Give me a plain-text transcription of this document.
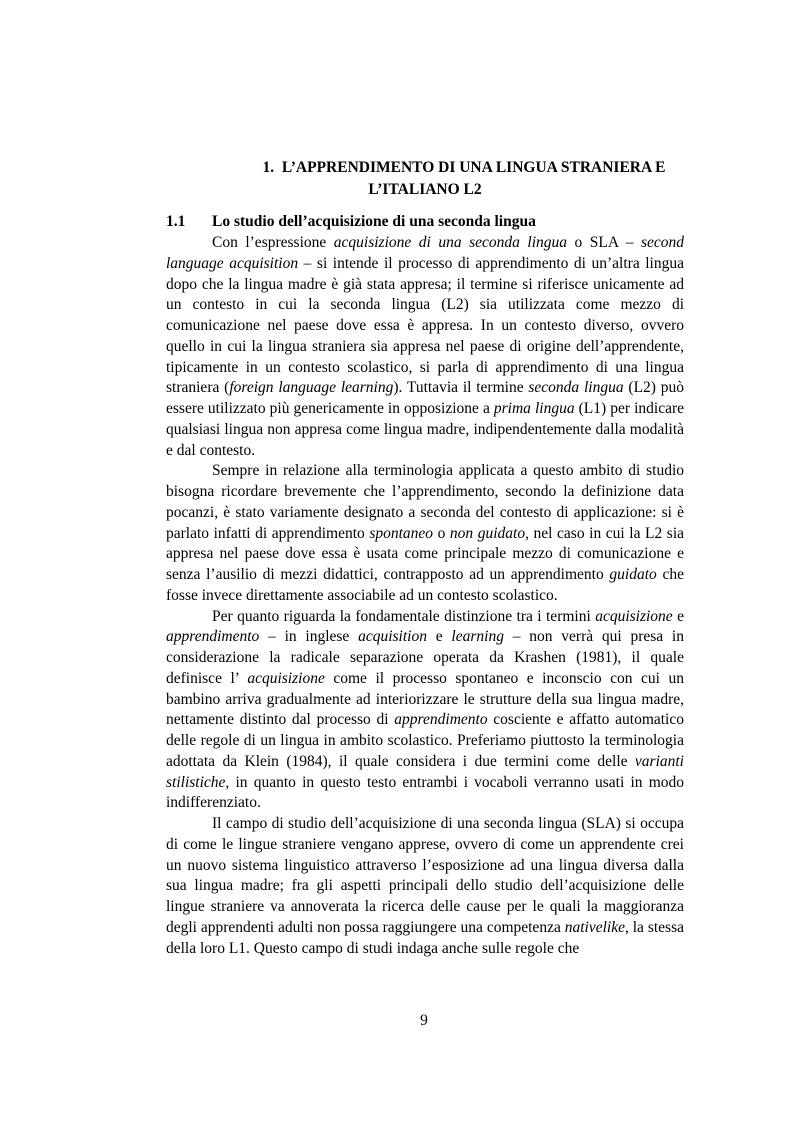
1. L’APPRENDIMENTO DI UNA LINGUA STRANIERA E
L’ITALIANO L2
1.1 Lo studio dell’acquisizione di una seconda lingua

Con l’espressione acquisizione di una seconda lingua o SLA – second language acquisition – si intende il processo di apprendimento di un’altra lingua dopo che la lingua madre è già stata appresa; il termine si riferisce unicamente ad un contesto in cui la seconda lingua (L2) sia utilizzata come mezzo di comunicazione nel paese dove essa è appresa. In un contesto diverso, ovvero quello in cui la lingua straniera sia appresa nel paese di origine dell’apprendente, tipicamente in un contesto scolastico, si parla di apprendimento di una lingua straniera (foreign language learning). Tuttavia il termine seconda lingua (L2) può essere utilizzato più genericamente in opposizione a prima lingua (L1) per indicare qualsiasi lingua non appresa come lingua madre, indipendentemente dalla modalità e dal contesto.

Sempre in relazione alla terminologia applicata a questo ambito di studio bisogna ricordare brevemente che l’apprendimento, secondo la definizione data pocanzi, è stato variamente designato a seconda del contesto di applicazione: si è parlato infatti di apprendimento spontaneo o non guidato, nel caso in cui la L2 sia appresa nel paese dove essa è usata come principale mezzo di comunicazione e senza l’ausilio di mezzi didattici, contrapposto ad un apprendimento guidato che fosse invece direttamente associabile ad un contesto scolastico.

Per quanto riguarda la fondamentale distinzione tra i termini acquisizione e apprendimento – in inglese acquisition e learning – non verrà qui presa in considerazione la radicale separazione operata da Krashen (1981), il quale definisce l’ acquisizione come il processo spontaneo e inconscio con cui un bambino arriva gradualmente ad interiorizzare le strutture della sua lingua madre, nettamente distinto dal processo di apprendimento cosciente e affatto automatico delle regole di un lingua in ambito scolastico. Preferiamo piuttosto la terminologia adottata da Klein (1984), il quale considera i due termini come delle varianti stilistiche, in quanto in questo testo entrambi i vocaboli verranno usati in modo indifferenziato.

Il campo di studio dell’acquisizione di una seconda lingua (SLA) si occupa di come le lingue straniere vengano apprese, ovvero di come un apprendente crei un nuovo sistema linguistico attraverso l’esposizione ad una lingua diversa dalla sua lingua madre; fra gli aspetti principali dello studio dell’acquisizione delle lingue straniere va annoverata la ricerca delle cause per le quali la maggioranza degli apprendenti adulti non possa raggiungere una competenza nativelike, la stessa della loro L1. Questo campo di studi indaga anche sulle regole che

9
